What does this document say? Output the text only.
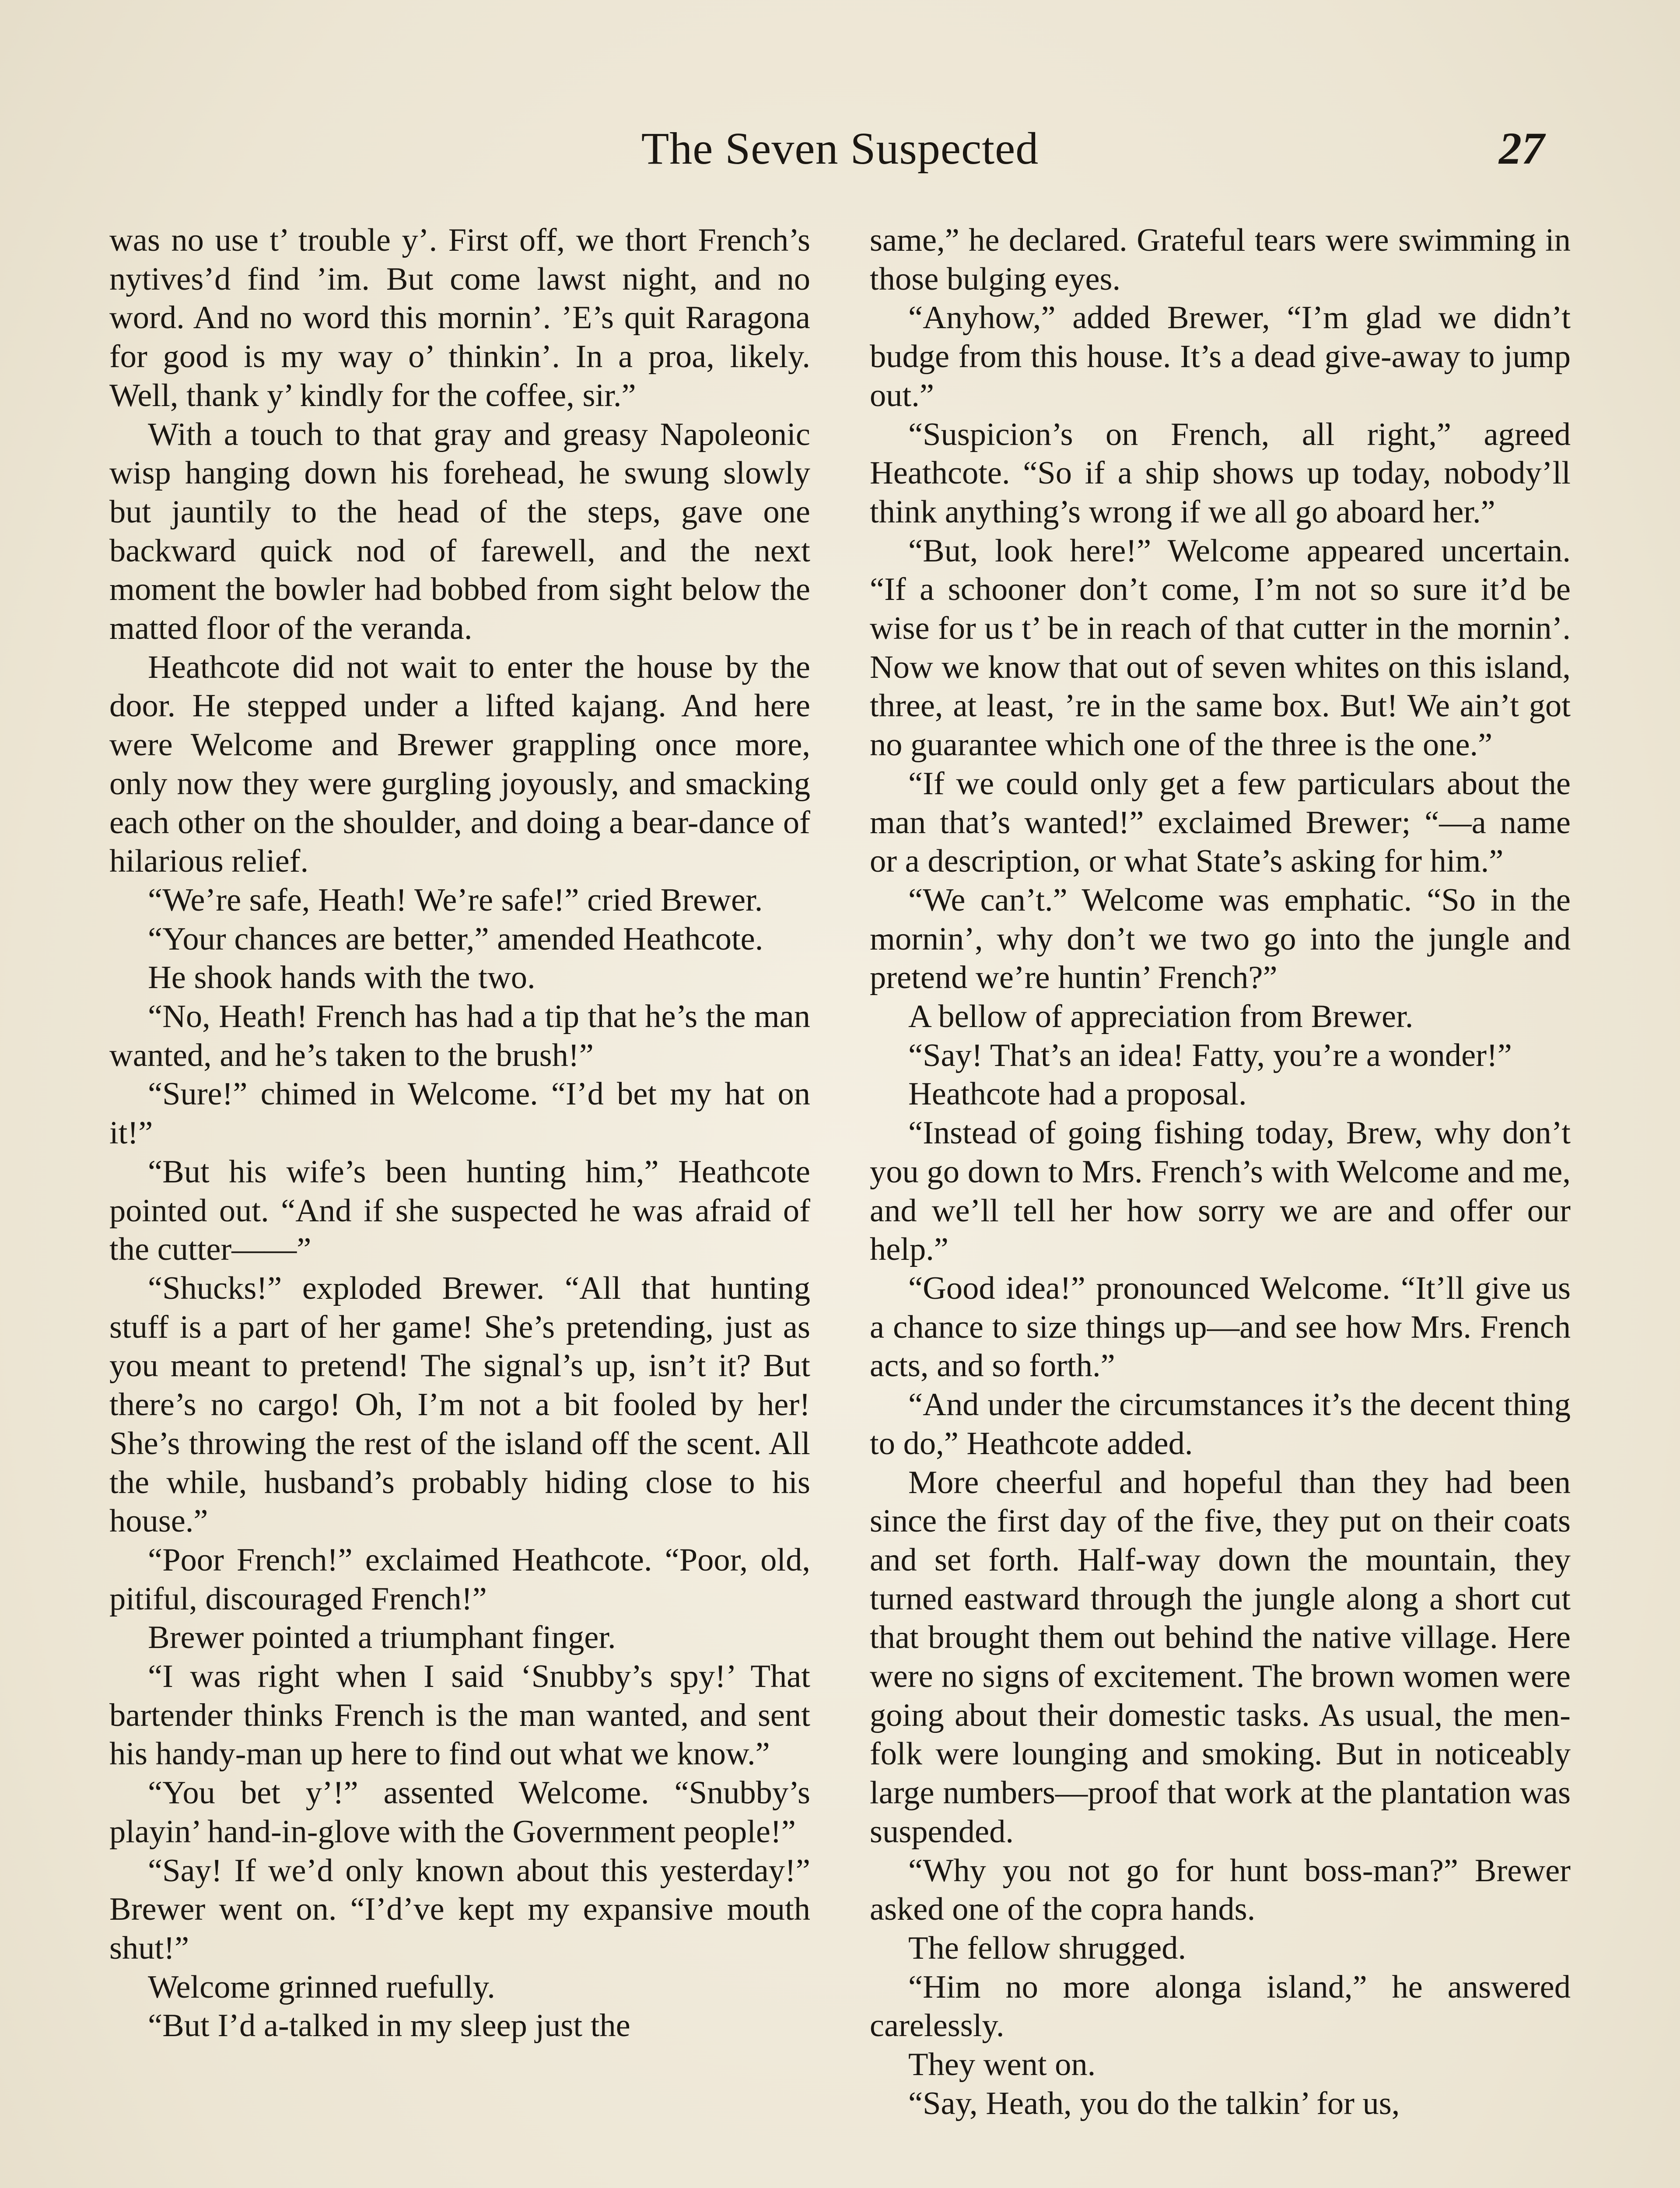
The Seven Suspected	27

was no use t’ trouble y’. First off, we thort French’s nytives’d find ’im. But come lawst night, and no word. And no word this mornin’. ’E’s quit Raragona for good is my way o’ thinkin’. In a proa, likely. Well, thank y’ kindly for the coffee, sir.”

With a touch to that gray and greasy Napoleonic wisp hanging down his forehead, he swung slowly but jauntily to the head of the steps, gave one backward quick nod of farewell, and the next moment the bowler had bobbed from sight below the matted floor of the veranda.

Heathcote did not wait to enter the house by the door. He stepped under a lifted kajang. And here were Welcome and Brewer grappling once more, only now they were gurgling joyously, and smacking each other on the shoulder, and doing a bear-dance of hilarious relief.

“We’re safe, Heath! We’re safe!” cried Brewer.

“Your chances are better,” amended Heathcote.

He shook hands with the two.

“No, Heath! French has had a tip that he’s the man wanted, and he’s taken to the brush!”

“Sure!” chimed in Welcome. “I’d bet my hat on it!”

“But his wife’s been hunting him,” Heathcote pointed out. “And if she suspected he was afraid of the cutter——”

“Shucks!” exploded Brewer. “All that hunting stuff is a part of her game! She’s pretending, just as you meant to pretend! The signal’s up, isn’t it? But there’s no cargo! Oh, I’m not a bit fooled by her! She’s throwing the rest of the island off the scent. All the while, husband’s probably hiding close to his house.”

“Poor French!” exclaimed Heathcote. “Poor, old, pitiful, discouraged French!”

Brewer pointed a triumphant finger.

“I was right when I said ‘Snubby’s spy!’ That bartender thinks French is the man wanted, and sent his handy-man up here to find out what we know.”

“You bet y’!” assented Welcome. “Snubby’s playin’ hand-in-glove with the Government people!”

“Say! If we’d only known about this yesterday!” Brewer went on. “I’d’ve kept my expansive mouth shut!”

Welcome grinned ruefully.

“But I’d a-talked in my sleep just the

same,” he declared. Grateful tears were swimming in those bulging eyes.

“Anyhow,” added Brewer, “I’m glad we didn’t budge from this house. It’s a dead give-away to jump out.”

“Suspicion’s on French, all right,” agreed Heathcote. “So if a ship shows up today, nobody’ll think anything’s wrong if we all go aboard her.”

“But, look here!” Welcome appeared uncertain. “If a schooner don’t come, I’m not so sure it’d be wise for us t’ be in reach of that cutter in the mornin’. Now we know that out of seven whites on this island, three, at least, ’re in the same box. But! We ain’t got no guarantee which one of the three is the one.”

“If we could only get a few particulars about the man that’s wanted!” exclaimed Brewer; “—a name or a description, or what State’s asking for him.”

“We can’t.” Welcome was emphatic. “So in the mornin’, why don’t we two go into the jungle and pretend we’re huntin’ French?”

A bellow of appreciation from Brewer.

“Say! That’s an idea! Fatty, you’re a wonder!”

Heathcote had a proposal.

“Instead of going fishing today, Brew, why don’t you go down to Mrs. French’s with Welcome and me, and we’ll tell her how sorry we are and offer our help.”

“Good idea!” pronounced Welcome. “It’ll give us a chance to size things up—and see how Mrs. French acts, and so forth.”

“And under the circumstances it’s the decent thing to do,” Heathcote added.

More cheerful and hopeful than they had been since the first day of the five, they put on their coats and set forth. Half-way down the mountain, they turned eastward through the jungle along a short cut that brought them out behind the native village. Here were no signs of excitement. The brown women were going about their domestic tasks. As usual, the men-folk were lounging and smoking. But in noticeably large numbers—proof that work at the plantation was suspended.

“Why you not go for hunt boss-man?” Brewer asked one of the copra hands.

The fellow shrugged.

“Him no more alonga island,” he answered carelessly.

They went on.

“Say, Heath, you do the talkin’ for us,
